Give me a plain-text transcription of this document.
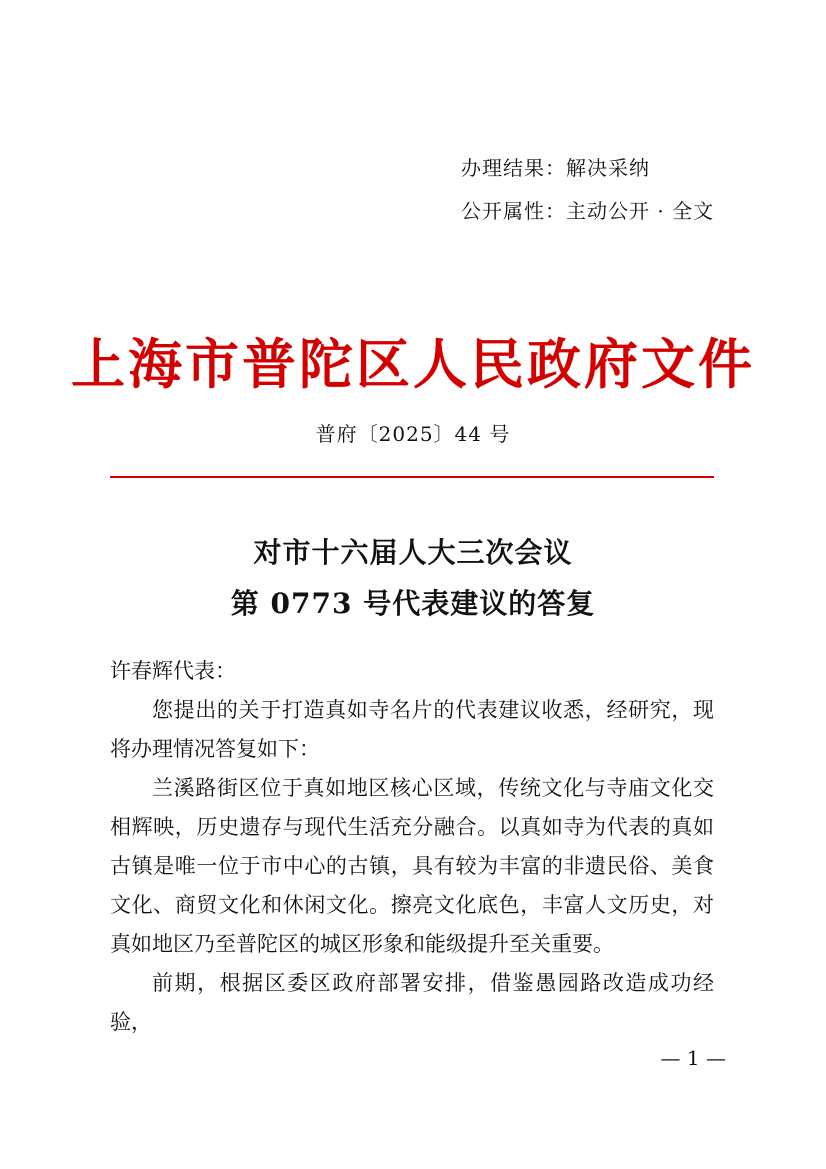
办理结果：解决采纳
公开属性：主动公开 · 全文
上海市普陀区人民政府文件
普府〔2025〕44 号
对市十六届人大三次会议
第 0773 号代表建议的答复

许春辉代表：

您提出的关于打造真如寺名片的代表建议收悉，经研究，现将办理情况答复如下：

兰溪路街区位于真如地区核心区域，传统文化与寺庙文化交相辉映，历史遗存与现代生活充分融合。以真如寺为代表的真如古镇是唯一位于市中心的古镇，具有较为丰富的非遗民俗、美食文化、商贸文化和休闲文化。擦亮文化底色，丰富人文历史，对真如地区乃至普陀区的城区形象和能级提升至关重要。

前期，根据区委区政府部署安排，借鉴愚园路改造成功经验，

— 1 —
